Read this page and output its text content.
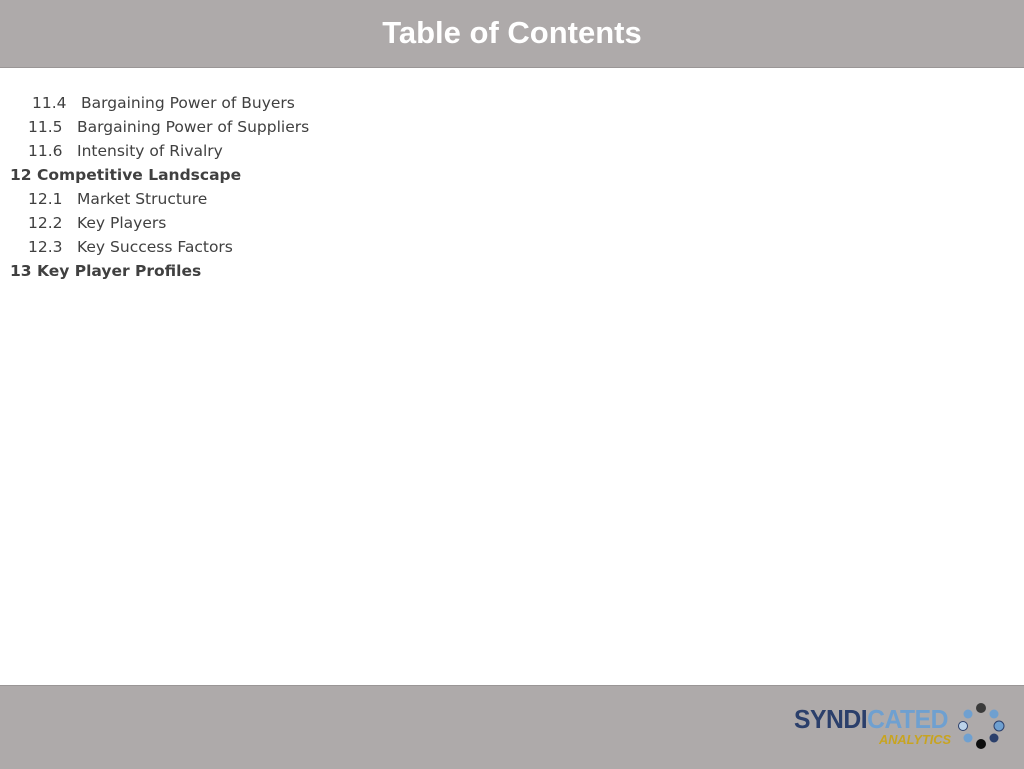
Table of Contents
11.4 Bargaining Power of Buyers
11.5 Bargaining Power of Suppliers
11.6 Intensity of Rivalry
12 Competitive Landscape
12.1 Market Structure
12.2 Key Players
12.3 Key Success Factors
13 Key Player Profiles
SYNDICATED
ANALYTICS
